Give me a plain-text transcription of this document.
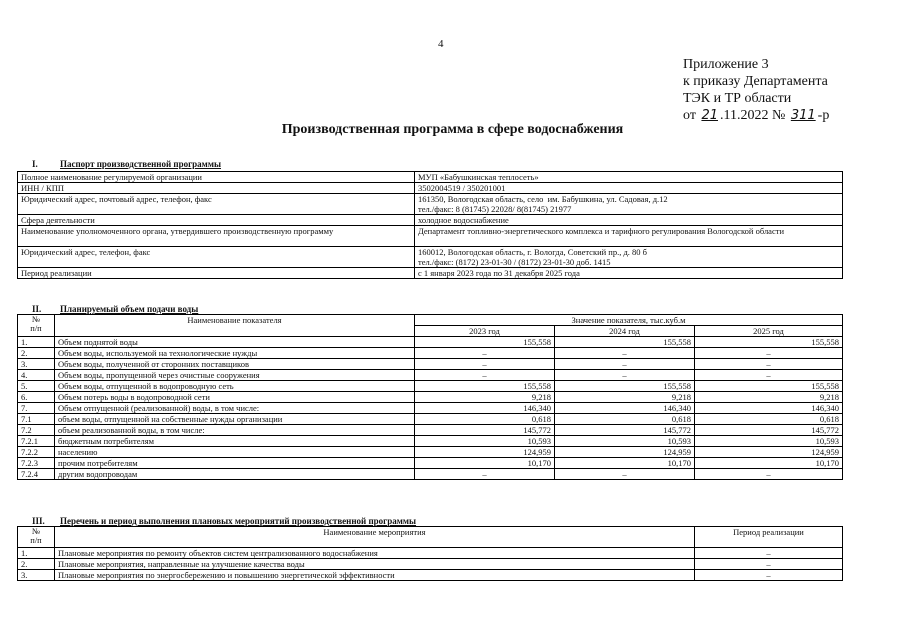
4
Приложение 3
к приказу Департамента
ТЭК и ТР области
от 21 .11.2022 № 311 -р
Производственная программа в сфере водоснабжения
I. Паспорт производственной программы
Полное наименование регулируемой организации	МУП «Бабушкинская теплосеть»
ИНН / КПП	3502004519 / 350201001
Юридический адрес, почтовый адрес, телефон, факс	161350, Вологодская область, село  им. Бабушкина, ул. Садовая, д.12
тел./факс: 8 (81745) 22028/ 8(81745) 21977
Сфера деятельности	холодное водоснабжение
Наименование уполномоченного органа, утвердившего производственную программу	Департамент топливно-энергетического комплекса и тарифного регулирования Вологодской области
Юридический адрес, телефон, факс	160012, Вологодская область, г. Вологда, Советский пр., д. 80 б
тел./факс: (8172) 23-01-30 / (8172) 23-01-30 доб. 1415
Период реализации	с 1 января 2023 года по 31 декабря 2025 года
II. Планируемый объем подачи воды
№
п/п	Наименование показателя	Значение показателя, тыс.куб.м		
		2023 год	2024 год	2025 год
1.	Объем поднятой воды	155,558	155,558	155,558
2.	Объем воды, используемой на технологические нужды	–	–	–
3.	Объем воды, полученной от сторонних поставщиков	–	–	–
4.	Объем воды, пропущенной через очистные сооружения	–	–	–
5.	Объем воды, отпущенной в водопроводную сеть	155,558	155,558	155,558
6.	Объем потерь воды в водопроводной сети	9,218	9,218	9,218
7.	Объем отпущенной (реализованной) воды, в том числе:	146,340	146,340	146,340
7.1	объем воды, отпущенной на собственные нужды организации	0,618	0,618	0,618
7.2	объем реализованной воды, в том числе:	145,772	145,772	145,772
7.2.1	бюджетным потребителям	10,593	10,593	10,593
7.2.2	населению	124,959	124,959	124,959
7.2.3	прочим потребителям	10,170	10,170	10,170
7.2.4	другим водопроводам	–	–	–
III. Перечень и период выполнения плановых мероприятий производственной программы
№
п/п	Наименование мероприятия	Период реализации
1.	Плановые мероприятия по ремонту объектов систем централизованного водоснабжения	–
2.	Плановые мероприятия, направленные на улучшение качества воды	–
3.	Плановые мероприятия по энергосбережению и повышению энергетической эффективности	–
